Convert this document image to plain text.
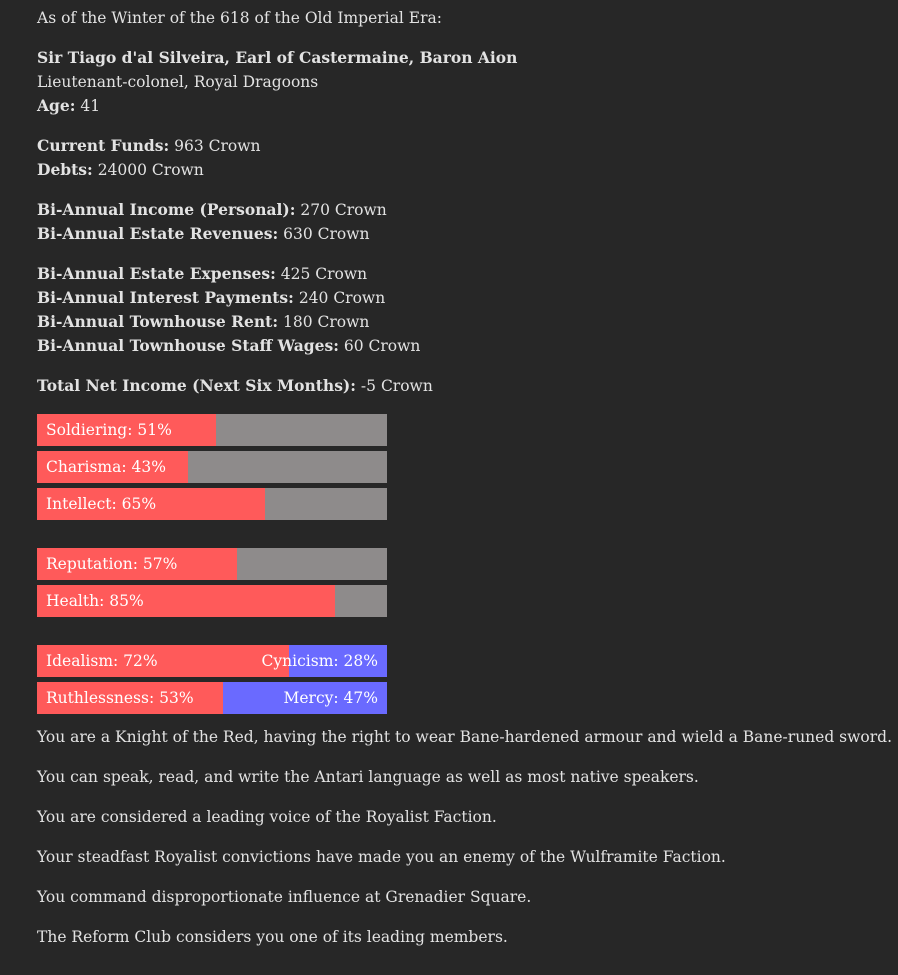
As of the Winter of the 618 of the Old Imperial Era:
Sir Tiago d'al Silveira, Earl of Castermaine, Baron Aion
Lieutenant-colonel, Royal Dragoons
Age: 41
Current Funds: 963 Crown
Debts: 24000 Crown
Bi-Annual Income (Personal): 270 Crown
Bi-Annual Estate Revenues: 630 Crown
Bi-Annual Estate Expenses: 425 Crown
Bi-Annual Interest Payments: 240 Crown
Bi-Annual Townhouse Rent: 180 Crown
Bi-Annual Townhouse Staff Wages: 60 Crown
Total Net Income (Next Six Months): -5 Crown
Soldiering: 51%
Charisma: 43%
Intellect: 65%
Reputation: 57%
Health: 85%
Idealism: 72%	Cynicism: 28%
Ruthlessness: 53%	Mercy: 47%

You are a Knight of the Red, having the right to wear Bane-hardened armour and wield a Bane-runed sword.

You can speak, read, and write the Antari language as well as most native speakers.

You are considered a leading voice of the Royalist Faction.

Your steadfast Royalist convictions have made you an enemy of the Wulframite Faction.

You command disproportionate influence at Grenadier Square.

The Reform Club considers you one of its leading members.
